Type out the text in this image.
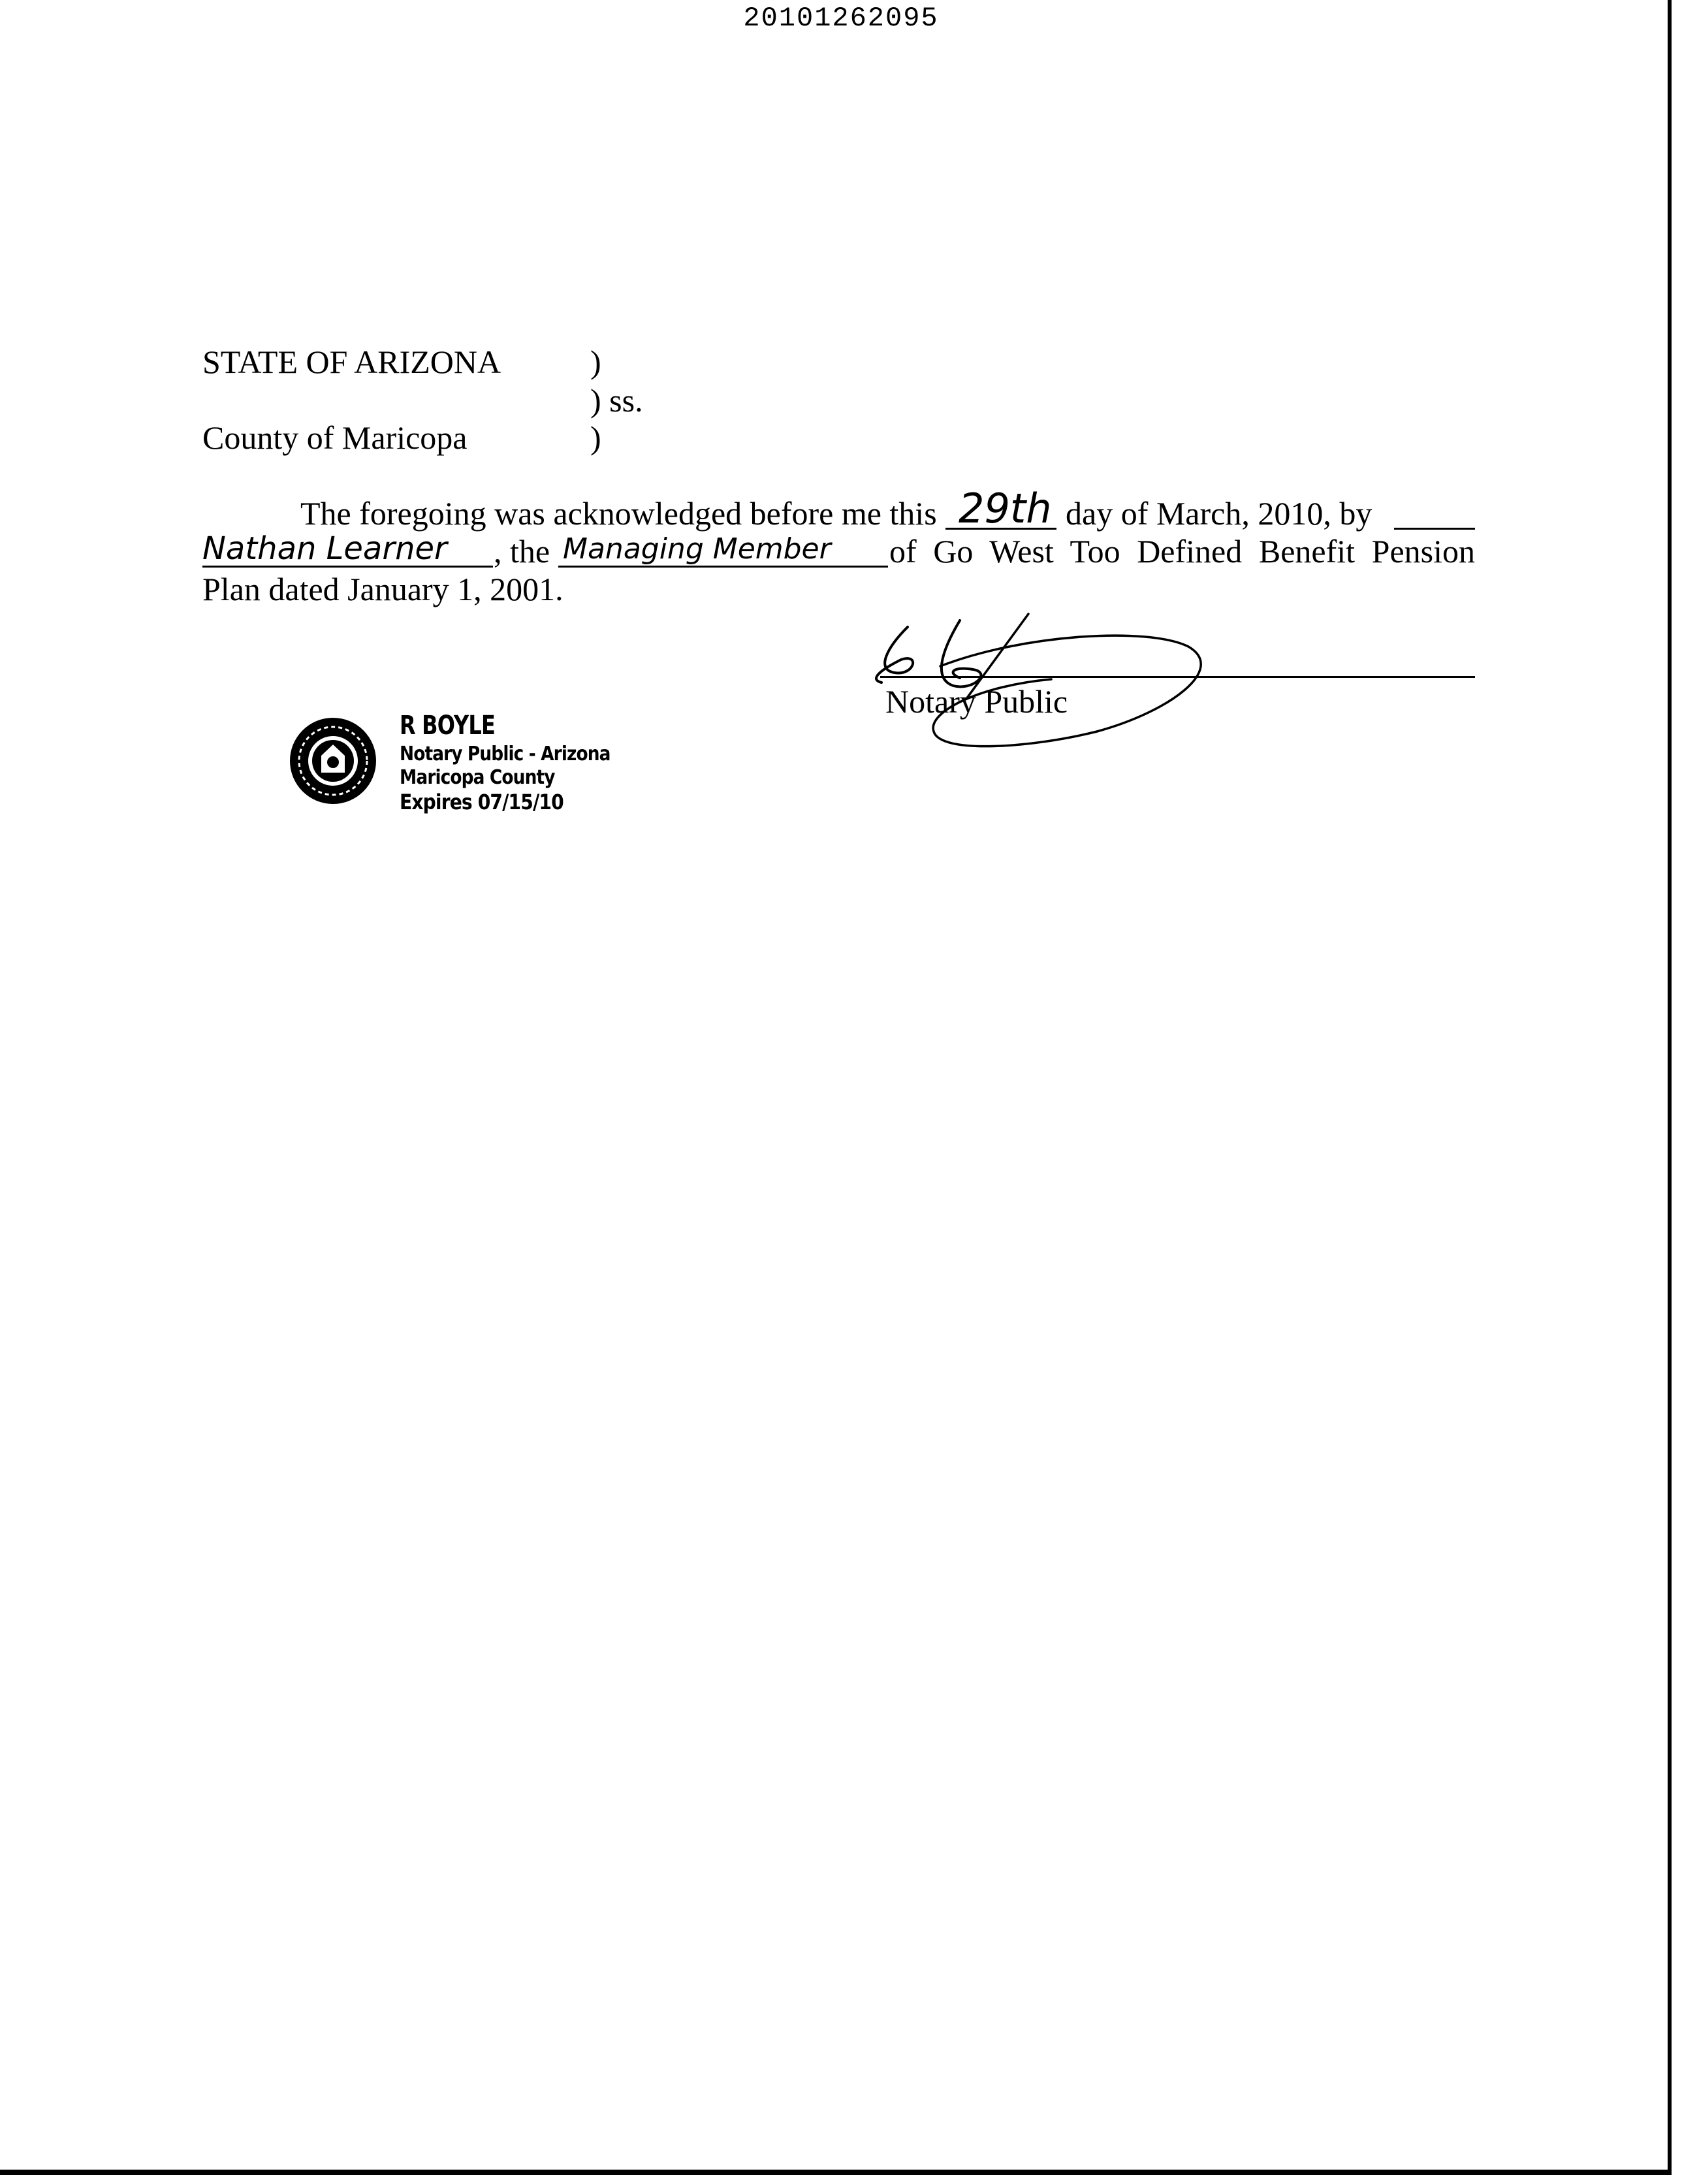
20101262095
STATE OF ARIZONA	)
) ss.
County of Maricopa	)
The foregoing was acknowledged before me this 29th day of March, 2010, by
Nathan Learner , the Managing Member of Go West Too Defined Benefit Pension
Plan dated January 1, 2001.
Notary Public
R BOYLE
Notary Public - Arizona
Maricopa County
Expires 07/15/10
